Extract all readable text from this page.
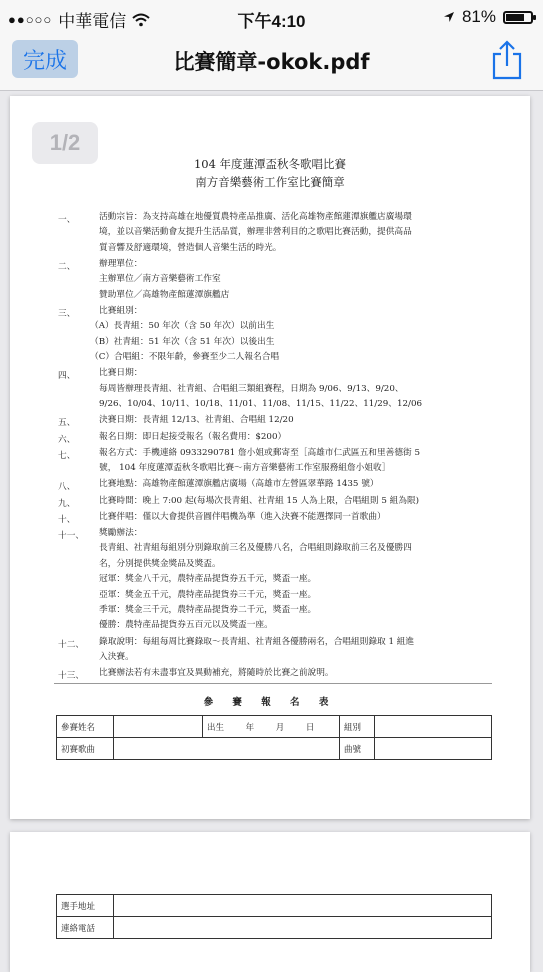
●●○○○ 中華電信	下午4:10	81%
完成	比賽簡章-okok.pdf
104 年度蓮潭盃秋冬歌唱比賽
南方音樂藝術工作室比賽簡章
一、	活動宗旨：為支持高雄在地優質農特產品推廣、活化高雄物產館蓮潭旗艦店廣場環
境，並以音樂活動會友提升生活品質，辦理非營利目的之歌唱比賽活動，提供高品
質音響及舒適環境，營造個人音樂生活的時光。
二、	辦理單位：
主辦單位／南方音樂藝術工作室
贊助單位／高雄物產館蓮潭旗艦店
三、	比賽組別：
（A）長青組：50 年次（含 50 年次）以前出生
（B）社青組：51 年次（含 51 年次）以後出生
（C）合唱組：不限年齡，參賽至少二人報名合唱
四、	比賽日期：
每周皆辦理長青組、社青組、合唱組三類組賽程，日期為 9/06、9/13、9/20、
9/26、10/04、10/11、10/18、11/01、11/08、11/15、11/22、11/29、12/06
五、	決賽日期：長青組 12/13、社青組、合唱組 12/20
六、	報名日期：即日起接受報名（報名費用：$200）
七、	報名方式：手機連絡 0933290781 詹小姐或郵寄至［高雄市仁武區五和里善德街 5
號， 104 年度蓮潭盃秋冬歌唱比賽～南方音樂藝術工作室服務組詹小姐收］
八、	比賽地點：高雄物產館蓮潭旗艦店廣場（高雄市左營區翠華路 1435 號）
九、	比賽時間：晚上 7:00 起(每場次長青組、社青組 15 人為上限，合唱組則 5 組為限)
十、	比賽伴唱：僅以大會提供音圓伴唱機為準（進入決賽不能選擇同一首歌曲）
十一、 獎勵辦法：
長青組、社青組每組別分別錄取前三名及優勝八名，合唱組則錄取前三名及優勝四
名，分別提供獎金獎品及獎盃。
冠軍：獎金八千元，農特產品提貨券五千元，獎盃一座。
亞軍：獎金五千元，農特產品提貨券三千元，獎盃一座。
季軍：獎金三千元，農特產品提貨券二千元，獎盃一座。
優勝：農特產品提貨券五百元以及獎盃一座。
十二、 錄取說明：每組每周比賽錄取～長青組、社青組各優勝兩名，合唱組則錄取 1 組進
入決賽。
十三、 比賽辦法若有未盡事宜及異動補充，將隨時於比賽之前說明。
參 賽 報 名 表
參賽姓名		出生 年 月 日	組別	
初賽歌曲			曲號	
1/2
選手地址	
連絡電話	
